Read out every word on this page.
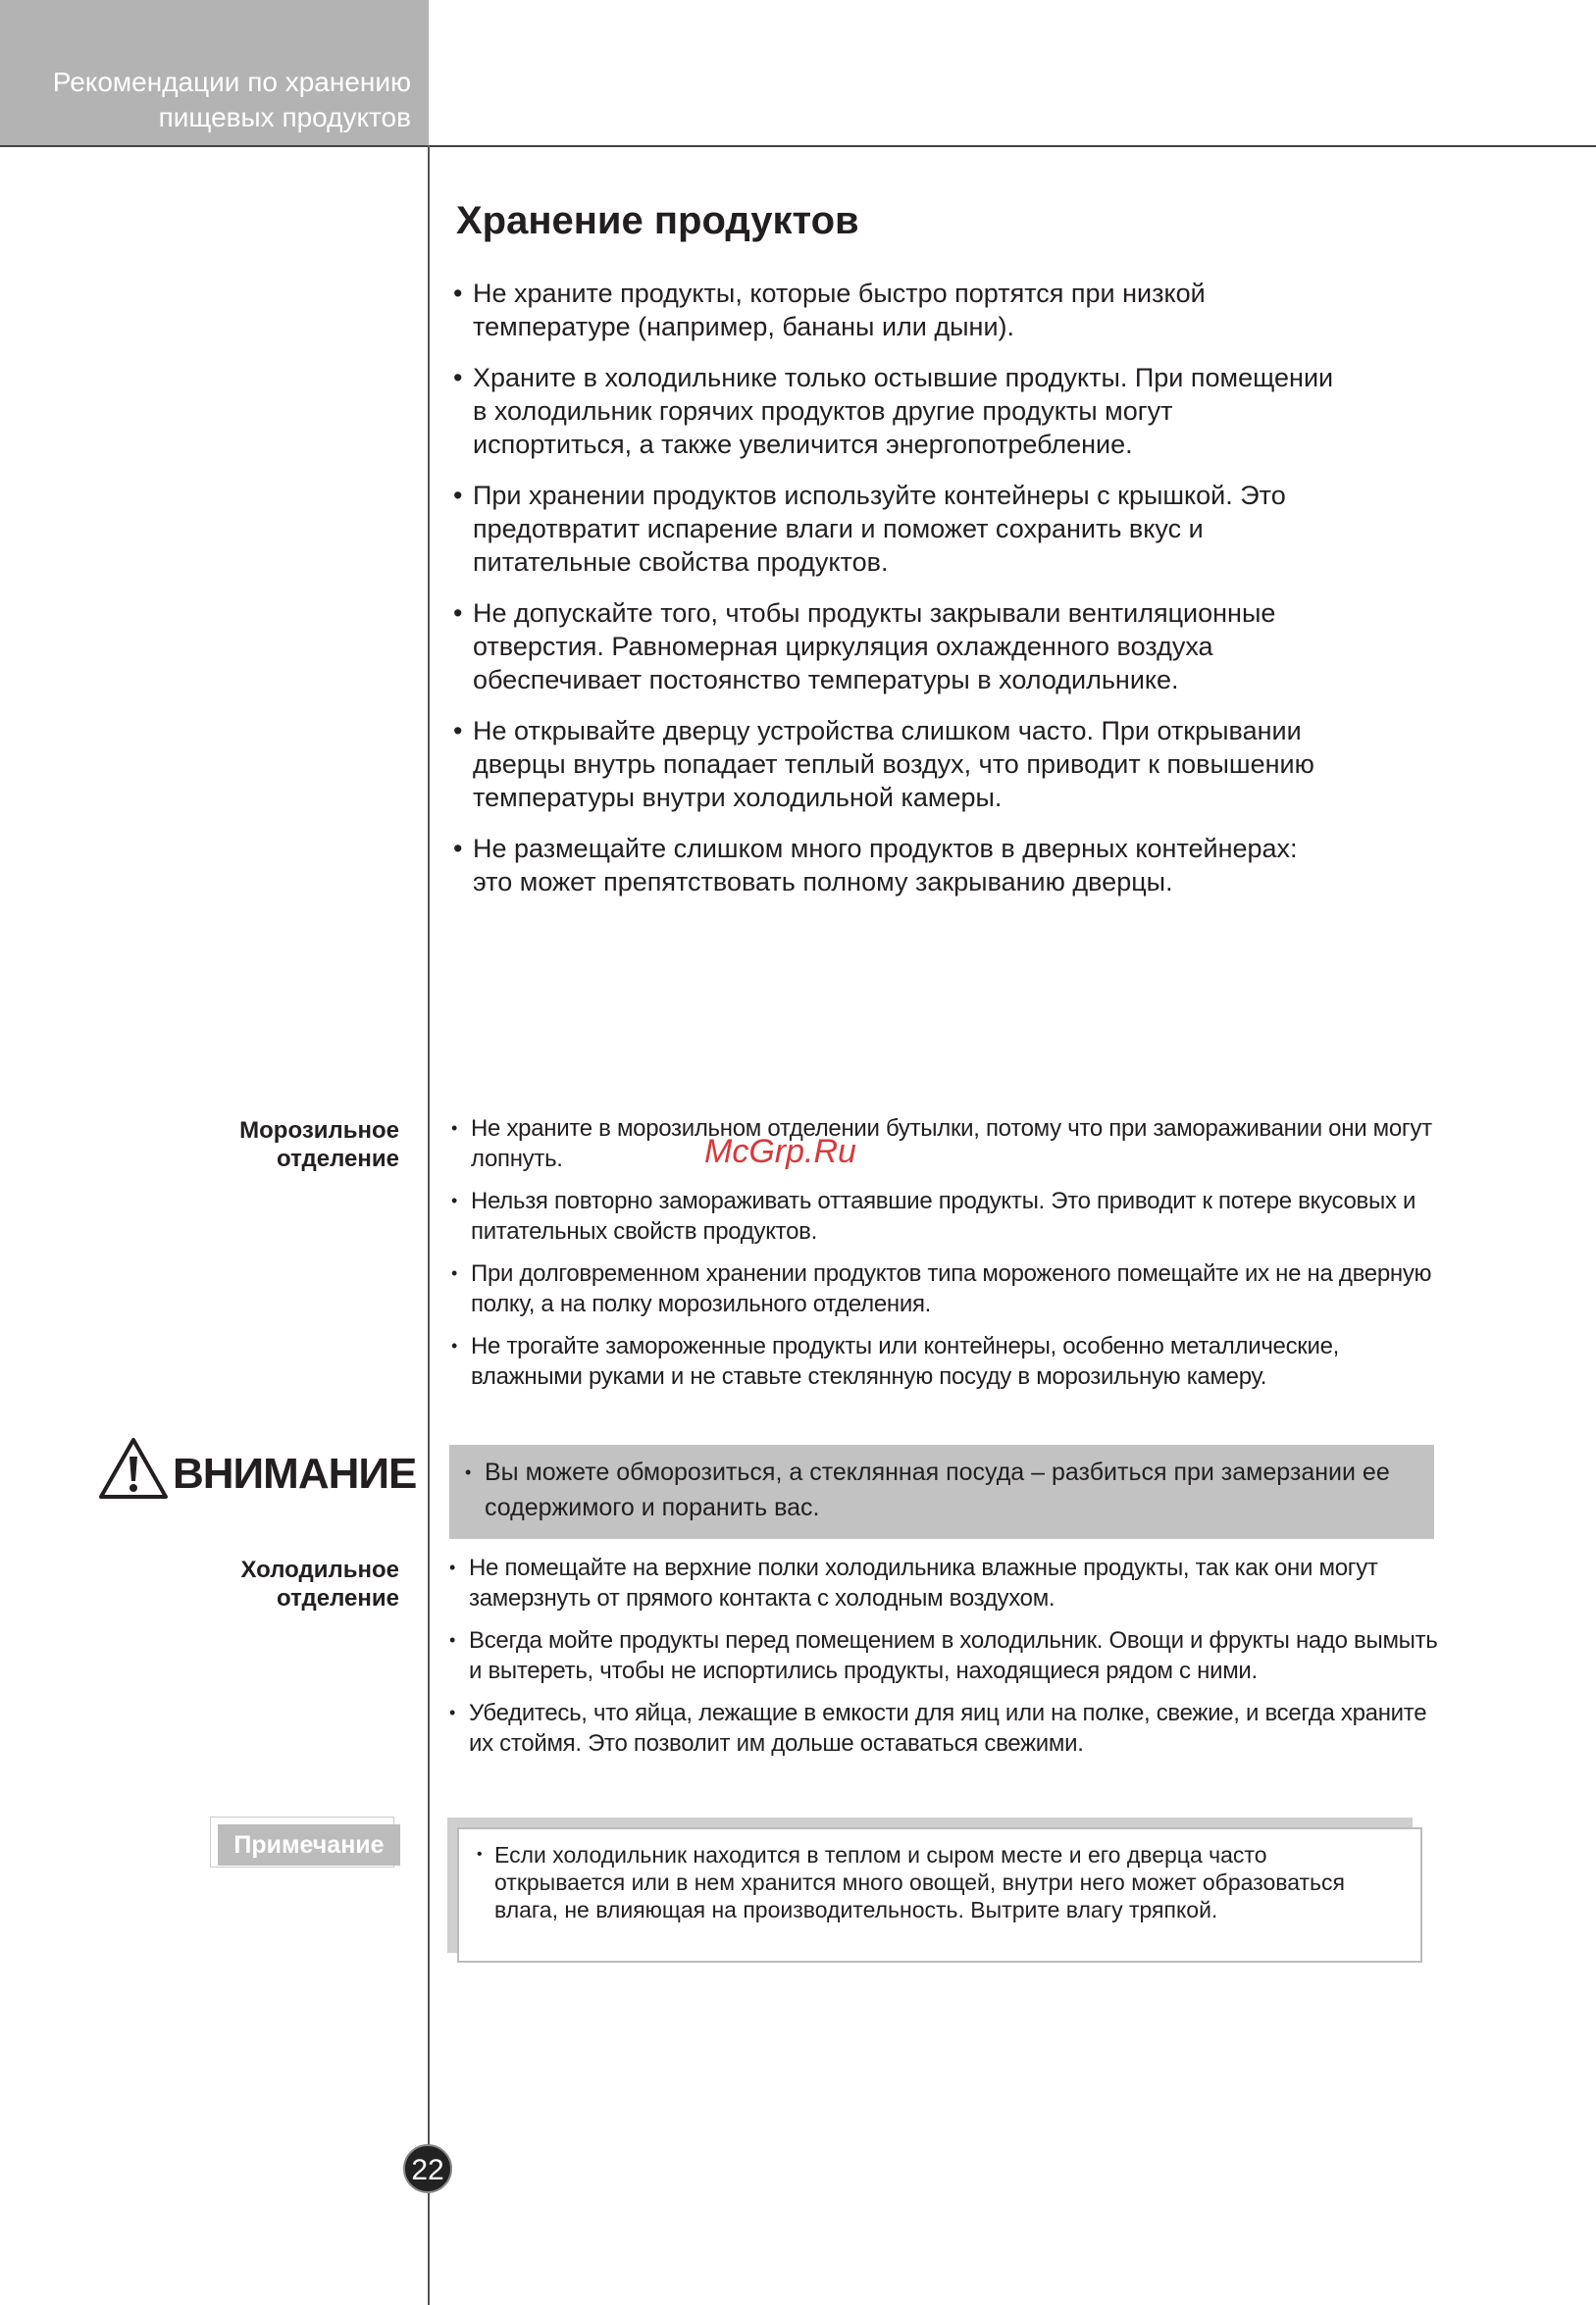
Рекомендации по хранению
пищевых продуктов
Хранение продуктов
• Не храните продукты, которые быстро портятся при низкой температуре (например, бананы или дыни).
• Храните в холодильнике только остывшие продукты. При помещении в холодильник горячих продуктов другие продукты могут испортиться, а также увеличится энергопотребление.
• При хранении продуктов используйте контейнеры с крышкой. Это предотвратит испарение влаги и поможет сохранить вкус и питательные свойства продуктов.
• Не допускайте того, чтобы продукты закрывали вентиляционные отверстия. Равномерная циркуляция охлажденного воздуха обеспечивает постоянство температуры в холодильнике.
• Не открывайте дверцу устройства слишком часто. При открывании дверцы внутрь попадает теплый воздух, что приводит к повышению температуры внутри холодильной камеры.
• Не размещайте слишком много продуктов в дверных контейнерах: это может препятствовать полному закрыванию дверцы.
Морозильное
отделение
• Не храните в морозильном отделении бутылки, потому что при замораживании они могут лопнуть.
• Нельзя повторно замораживать оттаявшие продукты. Это приводит к потере вкусовых и питательных свойств продуктов.
• При долговременном хранении продуктов типа мороженого помещайте их не на дверную полку, а на полку морозильного отделения.
• Не трогайте замороженные продукты или контейнеры, особенно металлические, влажными руками и не ставьте стеклянную посуду в морозильную камеру.
McGrp.Ru
ВНИМАНИЕ	• Вы можете обморозиться, а стеклянная посуда – разбиться при замерзании ее содержимого и поранить вас.
Холодильное
отделение
• Не помещайте на верхние полки холодильника влажные продукты, так как они могут замерзнуть от прямого контакта с холодным воздухом.
• Всегда мойте продукты перед помещением в холодильник. Овощи и фрукты надо вымыть и вытереть, чтобы не испортились продукты, находящиеся рядом с ними.
• Убедитесь, что яйца, лежащие в емкости для яиц или на полке, свежие, и всегда храните их стоймя. Это позволит им дольше оставаться свежими.
Примечание	• Если холодильник находится в теплом и сыром месте и его дверца часто открывается или в нем хранится много овощей, внутри него может образоваться влага, не влияющая на производительность. Вытрите влагу тряпкой.
22
